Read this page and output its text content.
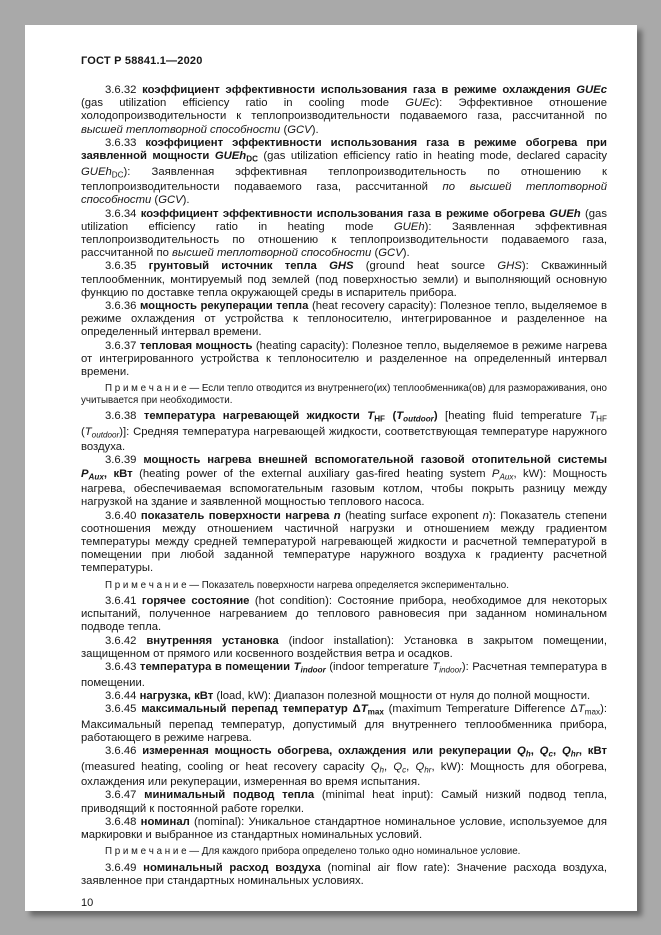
ГОСТ Р 58841.1—2020

3.6.32 коэффициент эффективности использования газа в режиме охлаждения GUEc (gas utilization efficiency ratio in cooling mode GUEc): Эффективное отношение холодопроизводительности к теплопроизводительности подаваемого газа, рассчитанной по высшей теплотворной способности (GCV).

3.6.33 коэффициент эффективности использования газа в режиме обогрева при заявленной мощности GUEh$_{DC}$ (gas utilization efficiency ratio in heating mode, declared capacity GUEh$_{DC}$): Заявленная эффективная теплопроизводительность по отношению к теплопроизводительности подаваемого газа, рассчитанной по высшей теплотворной способности (GCV).

3.6.34 коэффициент эффективности использования газа в режиме обогрева GUEh (gas utilization efficiency ratio in heating mode GUEh): Заявленная эффективная теплопроизводительность по отношению к теплопроизводительности подаваемого газа, рассчитанной по высшей теплотворной способности (GCV).

3.6.35 грунтовый источник тепла GHS (ground heat source GHS): Скважинный теплообменник, монтируемый под землей (под поверхностью земли) и выполняющий основную функцию по доставке тепла окружающей среды в испаритель прибора.

3.6.36 мощность рекуперации тепла (heat recovery capacity): Полезное тепло, выделяемое в режиме охлаждения от устройства к теплоносителю, интегрированное и разделенное на определенный интервал времени.

3.6.37 тепловая мощность (heating capacity): Полезное тепло, выделяемое в режиме нагрева от интегрированного устройства к теплоносителю и разделенное на определенный интервал времени.

П р и м е ч а н и е — Если тепло отводится из внутреннего(их) теплообменника(ов) для размораживания, оно учитывается при необходимости.

3.6.38 температура нагревающей жидкости $T_{HF}$ $(T_{outdoor})$ [heating fluid temperature $T_{HF}$ $(T_{outdoor})$]: Средняя температура нагревающей жидкости, соответствующая температуре наружного воздуха.

3.6.39 мощность нагрева внешней вспомогательной газовой отопительной системы $P_{Aux}$, кВт (heating power of the external auxiliary gas-fired heating system $P_{Aux}$, kW): Мощность нагрева, обеспечиваемая вспомогательным газовым котлом, чтобы покрыть разницу между нагрузкой на здание и заявленной мощностью теплового насоса.

3.6.40 показатель поверхности нагрева n (heating surface exponent n): Показатель степени соотношения между отношением частичной нагрузки и отношением между градиентом температуры между средней температурой нагревающей жидкости и расчетной температурой в помещении при любой заданной температуре наружного воздуха к градиенту расчетной температуры.

П р и м е ч а н и е — Показатель поверхности нагрева определяется экспериментально.

3.6.41 горячее состояние (hot condition): Состояние прибора, необходимое для некоторых испытаний, полученное нагреванием до теплового равновесия при заданном номинальном подводе тепла.

3.6.42 внутренняя установка (indoor installation): Установка в закрытом помещении, защищенном от прямого или косвенного воздействия ветра и осадков.

3.6.43 температура в помещении $T_{indoor}$ (indoor temperature $T_{indoor}$): Расчетная температура в помещении.

3.6.44 нагрузка, кВт (load, kW): Диапазон полезной мощности от нуля до полной мощности.

3.6.45 максимальный перепад температур $\Delta T_{max}$ (maximum Temperature Difference $\Delta T_{max}$): Максимальный перепад температур, допустимый для внутреннего теплообменника прибора, работающего в режиме нагрева.

3.6.46 измеренная мощность обогрева, охлаждения или рекуперации $Q_h$, $Q_c$, $Q_{hr}$, кВт (measured heating, cooling or heat recovery capacity $Q_h$, $Q_c$, $Q_{hr}$, kW): Мощность для обогрева, охлаждения или рекуперации, измеренная во время испытания.

3.6.47 минимальный подвод тепла (minimal heat input): Самый низкий подвод тепла, приводящий к постоянной работе горелки.

3.6.48 номинал (nominal): Уникальное стандартное номинальное условие, используемое для маркировки и выбранное из стандартных номинальных условий.

П р и м е ч а н и е — Для каждого прибора определено только одно номинальное условие.

3.6.49 номинальный расход воздуха (nominal air flow rate): Значение расхода воздуха, заявленное при стандартных номинальных условиях.

10
